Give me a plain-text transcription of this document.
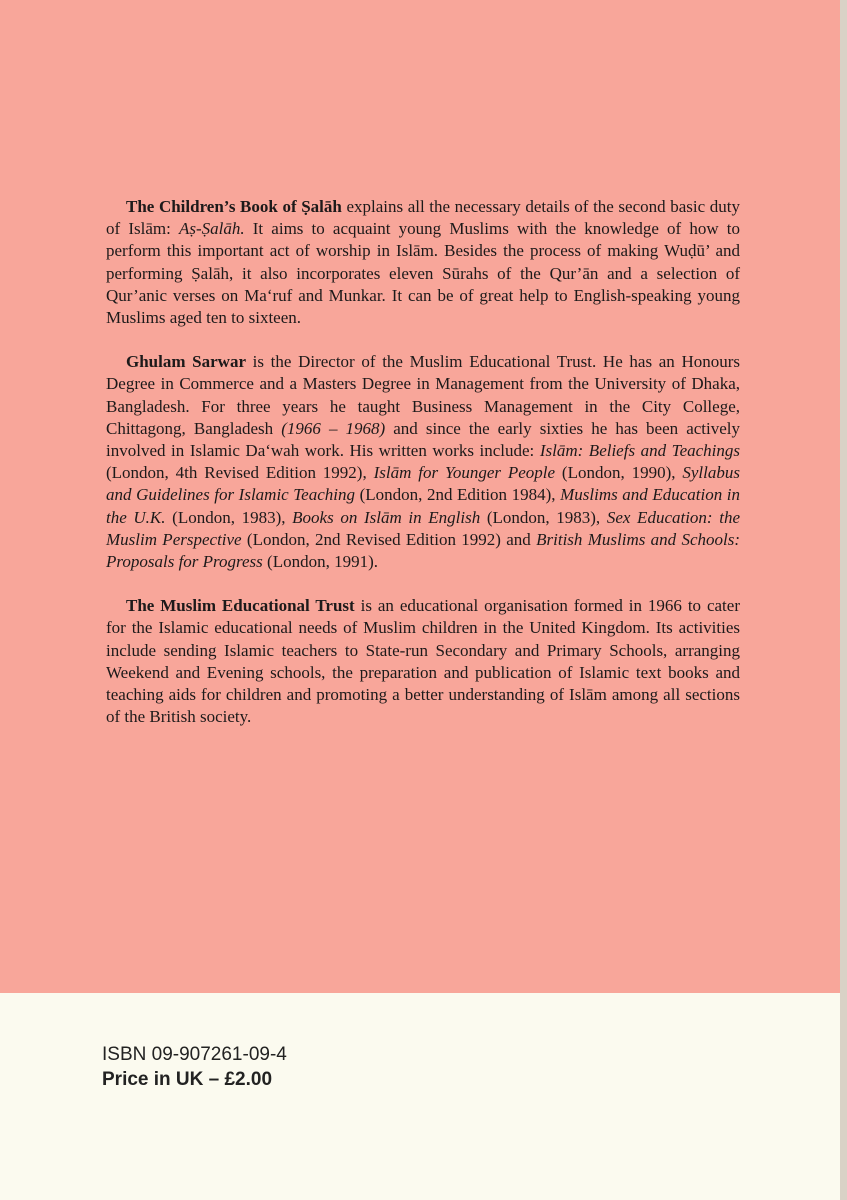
The Children’s Book of Ṣalāh explains all the necessary details of the second basic duty of Islām: Aṣ-Ṣalāh. It aims to acquaint young Muslims with the knowledge of how to perform this important act of worship in Islām. Besides the process of making Wuḍū’ and performing Ṣalāh, it also incorporates eleven Sūrahs of the Qur’ān and a selection of Qur’anic verses on Ma‘ruf and Munkar. It can be of great help to English-speaking young Muslims aged ten to sixteen.

Ghulam Sarwar is the Director of the Muslim Educational Trust. He has an Honours Degree in Commerce and a Masters Degree in Management from the University of Dhaka, Bangladesh. For three years he taught Business Management in the City College, Chittagong, Bangladesh (1966 – 1968) and since the early sixties he has been actively involved in Islamic Da‘wah work. His written works include: Islām: Beliefs and Teachings (London, 4th Revised Edition 1992), Islām for Younger People (London, 1990), Syllabus and Guidelines for Islamic Teaching (London, 2nd Edition 1984), Muslims and Education in the U.K. (London, 1983), Books on Islām in English (London, 1983), Sex Education: the Muslim Perspective (London, 2nd Revised Edition 1992) and British Muslims and Schools: Proposals for Progress (London, 1991).

The Muslim Educational Trust is an educational organisation formed in 1966 to cater for the Islamic educational needs of Muslim children in the United Kingdom. Its activities include sending Islamic teachers to State-run Secondary and Primary Schools, arranging Weekend and Evening schools, the preparation and publication of Islamic text books and teaching aids for children and promoting a better understanding of Islām among all sections of the British society.

ISBN 09-907261-09-4
Price in UK – £2.00
